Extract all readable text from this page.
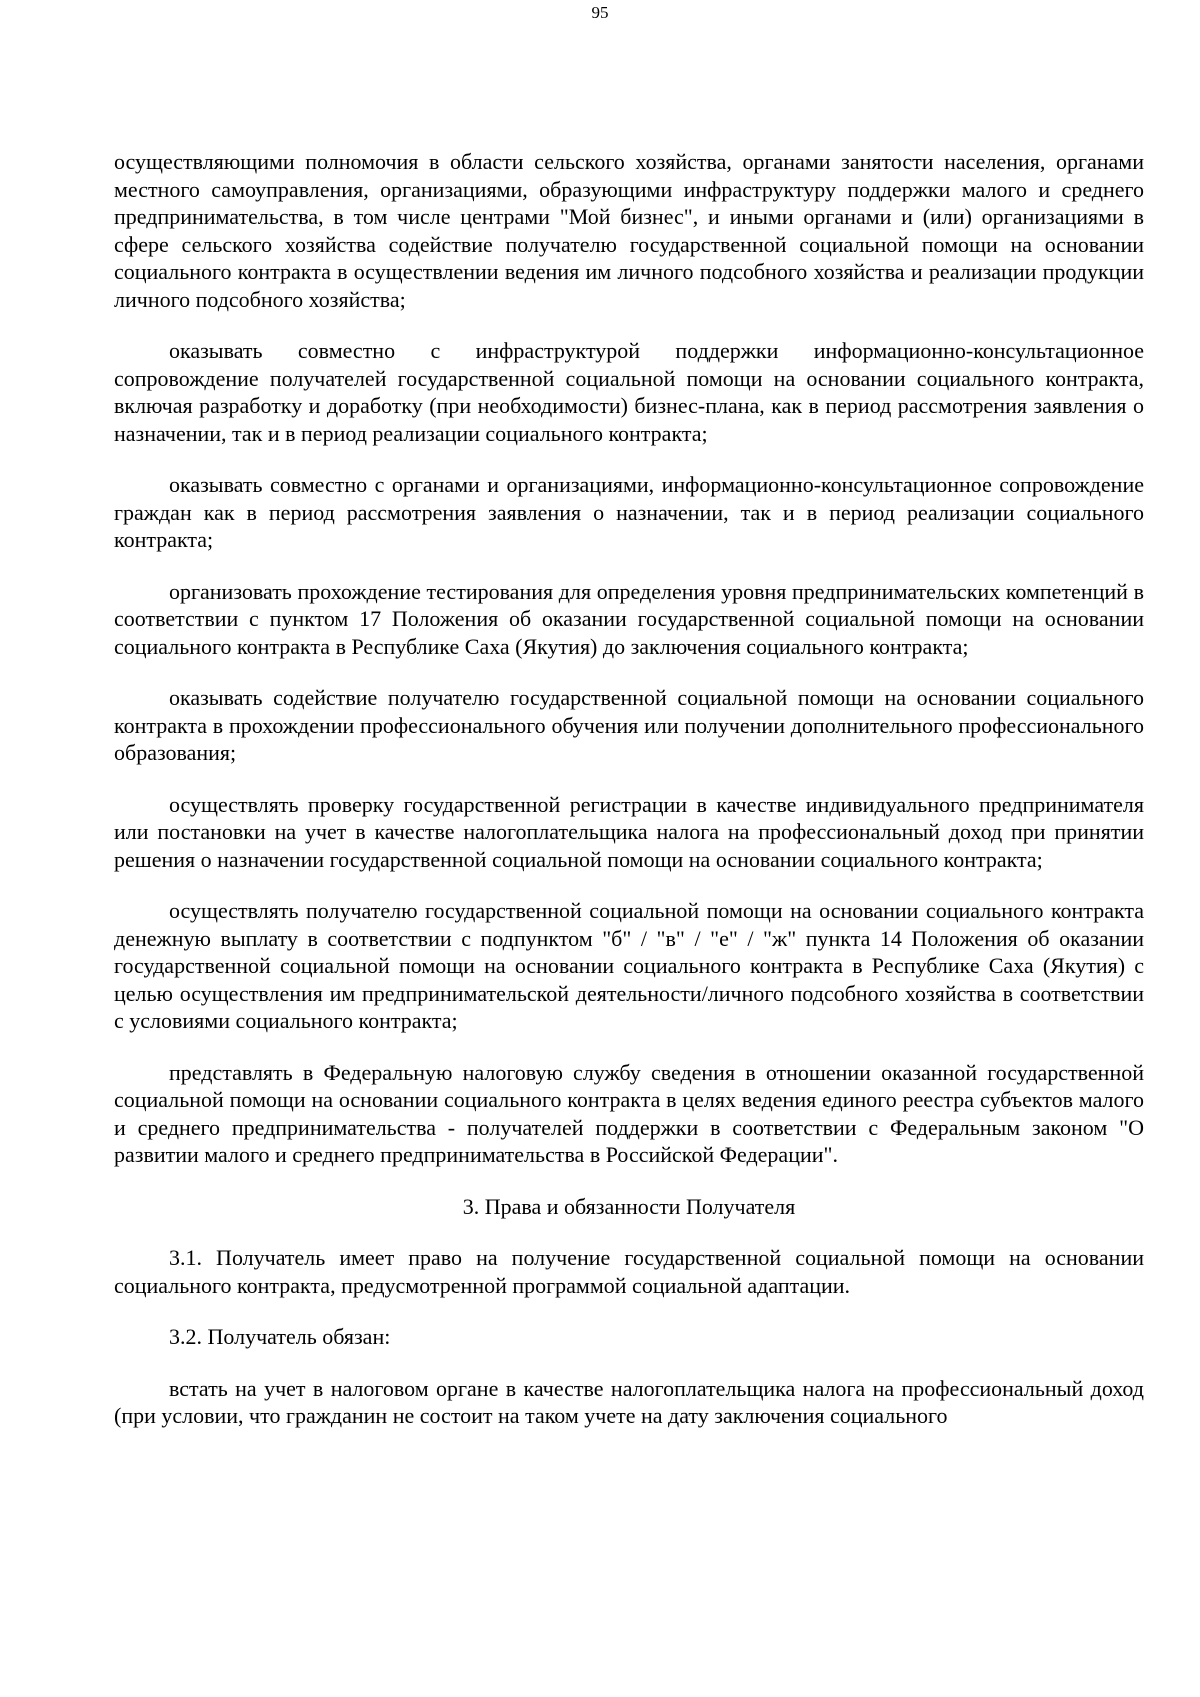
95

осуществляющими полномочия в области сельского хозяйства, органами занятости населения, органами местного самоуправления, организациями, образующими инфраструктуру поддержки малого и среднего предпринимательства, в том числе центрами "Мой бизнес", и иными органами и (или) организациями в сфере сельского хозяйства содействие получателю государственной социальной помощи на основании социального контракта в осуществлении ведения им личного подсобного хозяйства и реализации продукции личного подсобного хозяйства;

оказывать совместно с инфраструктурой поддержки информационно-консультационное сопровождение получателей государственной социальной помощи на основании социального контракта, включая разработку и доработку (при необходимости) бизнес-плана, как в период рассмотрения заявления о назначении, так и в период реализации социального контракта;

оказывать совместно с органами и организациями, информационно-консультационное сопровождение граждан как в период рассмотрения заявления о назначении, так и в период реализации социального контракта;

организовать прохождение тестирования для определения уровня предпринимательских компетенций в соответствии с пунктом 17 Положения об оказании государственной социальной помощи на основании социального контракта в Республике Саха (Якутия) до заключения социального контракта;

оказывать содействие получателю государственной социальной помощи на основании социального контракта в прохождении профессионального обучения или получении дополнительного профессионального образования;

осуществлять проверку государственной регистрации в качестве индивидуального предпринимателя или постановки на учет в качестве налогоплательщика налога на профессиональный доход при принятии решения о назначении государственной социальной помощи на основании социального контракта;

осуществлять получателю государственной социальной помощи на основании социального контракта денежную выплату в соответствии с подпунктом "б" / "в" / "е" / "ж" пункта 14 Положения об оказании государственной социальной помощи на основании социального контракта в Республике Саха (Якутия) с целью осуществления им предпринимательской деятельности/личного подсобного хозяйства в соответствии с условиями социального контракта;

представлять в Федеральную налоговую службу сведения в отношении оказанной государственной социальной помощи на основании социального контракта в целях ведения единого реестра субъектов малого и среднего предпринимательства - получателей поддержки в соответствии с Федеральным законом "О развитии малого и среднего предпринимательства в Российской Федерации".

3. Права и обязанности Получателя

3.1. Получатель имеет право на получение государственной социальной помощи на основании социального контракта, предусмотренной программой социальной адаптации.

3.2. Получатель обязан:

встать на учет в налоговом органе в качестве налогоплательщика налога на профессиональный доход (при условии, что гражданин не состоит на таком учете на дату заключения социального
